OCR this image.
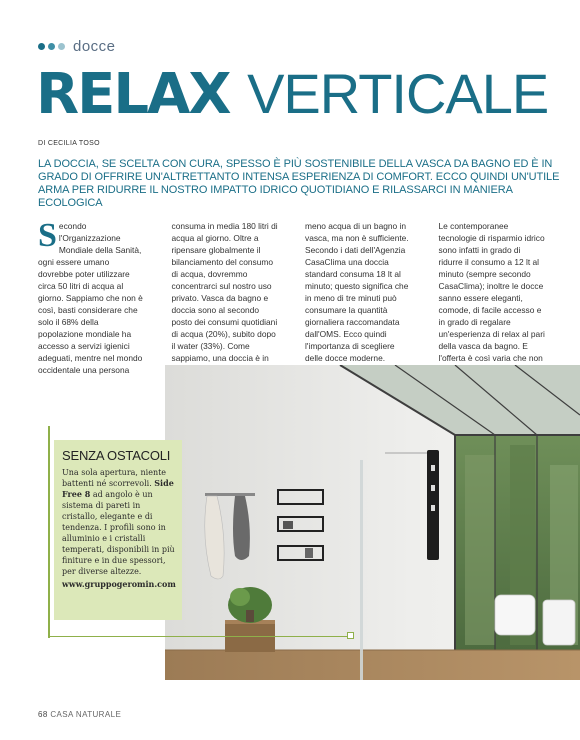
docce
RELAX VERTICALE
DI CECILIA TOSO

LA DOCCIA, SE SCELTA CON CURA, SPESSO È PIÙ SOSTENIBILE DELLA VASCA DA BAGNO ED È IN GRADO DI OFFRIRE UN'ALTRETTANTO INTENSA ESPERIENZA DI COMFORT. ECCO QUINDI UN'UTILE ARMA PER RIDURRE IL NOSTRO IMPATTO IDRICO QUOTIDIANO E RILASSARCI IN MANIERA ECOLOGICA

Secondo l'Organizzazione Mondiale della Sanità, ogni essere umano dovrebbe poter utilizzare circa 50 litri di acqua al giorno. Sappiamo che non è così, basti considerare che solo il 68% della popolazione mondiale ha accesso a servizi igienici adeguati, mentre nel mondo occidentale una persona

consuma in media 180 litri di acqua al giorno. Oltre a ripensare globalmente il bilanciamento del consumo di acqua, dovremmo concentrarci sul nostro uso privato. Vasca da bagno e doccia sono al secondo posto dei consumi quotidiani di acqua (20%), subito dopo il water (33%). Come sappiamo, una doccia è in

meno acqua di un bagno in vasca, ma non è sufficiente. Secondo i dati dell'Agenzia CasaClima una doccia standard consuma 18 lt al minuto; questo significa che in meno di tre minuti può consumare la quantità giornaliera raccomandata dall'OMS. Ecco quindi l'importanza di scegliere delle docce moderne.

Le contemporanee tecnologie di risparmio idrico sono infatti in grado di ridurre il consumo a 12 lt al minuto (sempre secondo CasaClima); inoltre le docce sanno essere eleganti, comode, di facile accesso e in grado di regalare un'esperienza di relax al pari della vasca da bagno. E l'offerta è così varia che non

SENZA OSTACOLI

Una sola apertura, niente battenti né scorrevoli. Side Free 8 ad angolo è un sistema di pareti in cristallo, elegante e di tendenza. I profili sono in alluminio e i cristalli temperati, disponibili in più finiture e in due spessori, per diverse altezze.
www.gruppogeromin.com

68 CASA NATURALE
